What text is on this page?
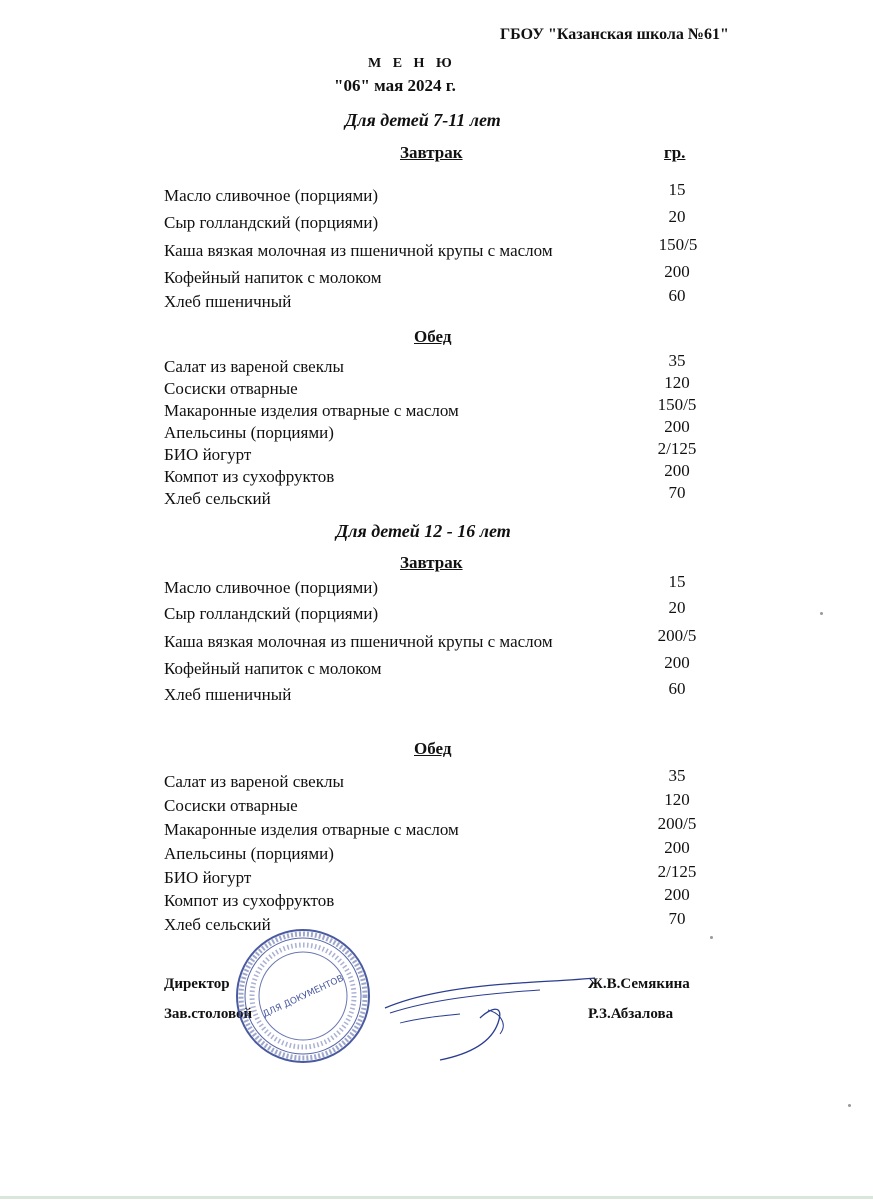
ГБОУ "Казанская школа №61"
М Е Н Ю
"06" мая 2024 г.
Для детей 7-11 лет
Завтрак	гр.
Масло сливочное (порциями)	15
Сыр голландский (порциями)	20
Каша вязкая молочная из пшеничной крупы с маслом	150/5
Кофейный напиток с молоком	200
Хлеб пшеничный	60
Обед
Салат из вареной свеклы	35
Сосиски отварные	120
Макаронные изделия отварные с маслом	150/5
Апельсины (порциями)	200
БИО йогурт	2/125
Компот из сухофруктов	200
Хлеб сельский	70
Для детей 12 - 16 лет
Завтрак
Масло сливочное (порциями)	15
Сыр голландский (порциями)	20
Каша вязкая молочная из пшеничной крупы с маслом	200/5
Кофейный напиток с молоком	200
Хлеб пшеничный	60
Обед
Салат из вареной свеклы	35
Сосиски отварные	120
Макаронные изделия отварные с маслом	200/5
Апельсины (порциями)	200
БИО йогурт	2/125
Компот из сухофруктов	200
Хлеб сельский	70
Директор	Ж.В.Семякина
Зав.столовой	Р.З.Абзалова
ДЛЯ ДОКУМЕНТОВ
